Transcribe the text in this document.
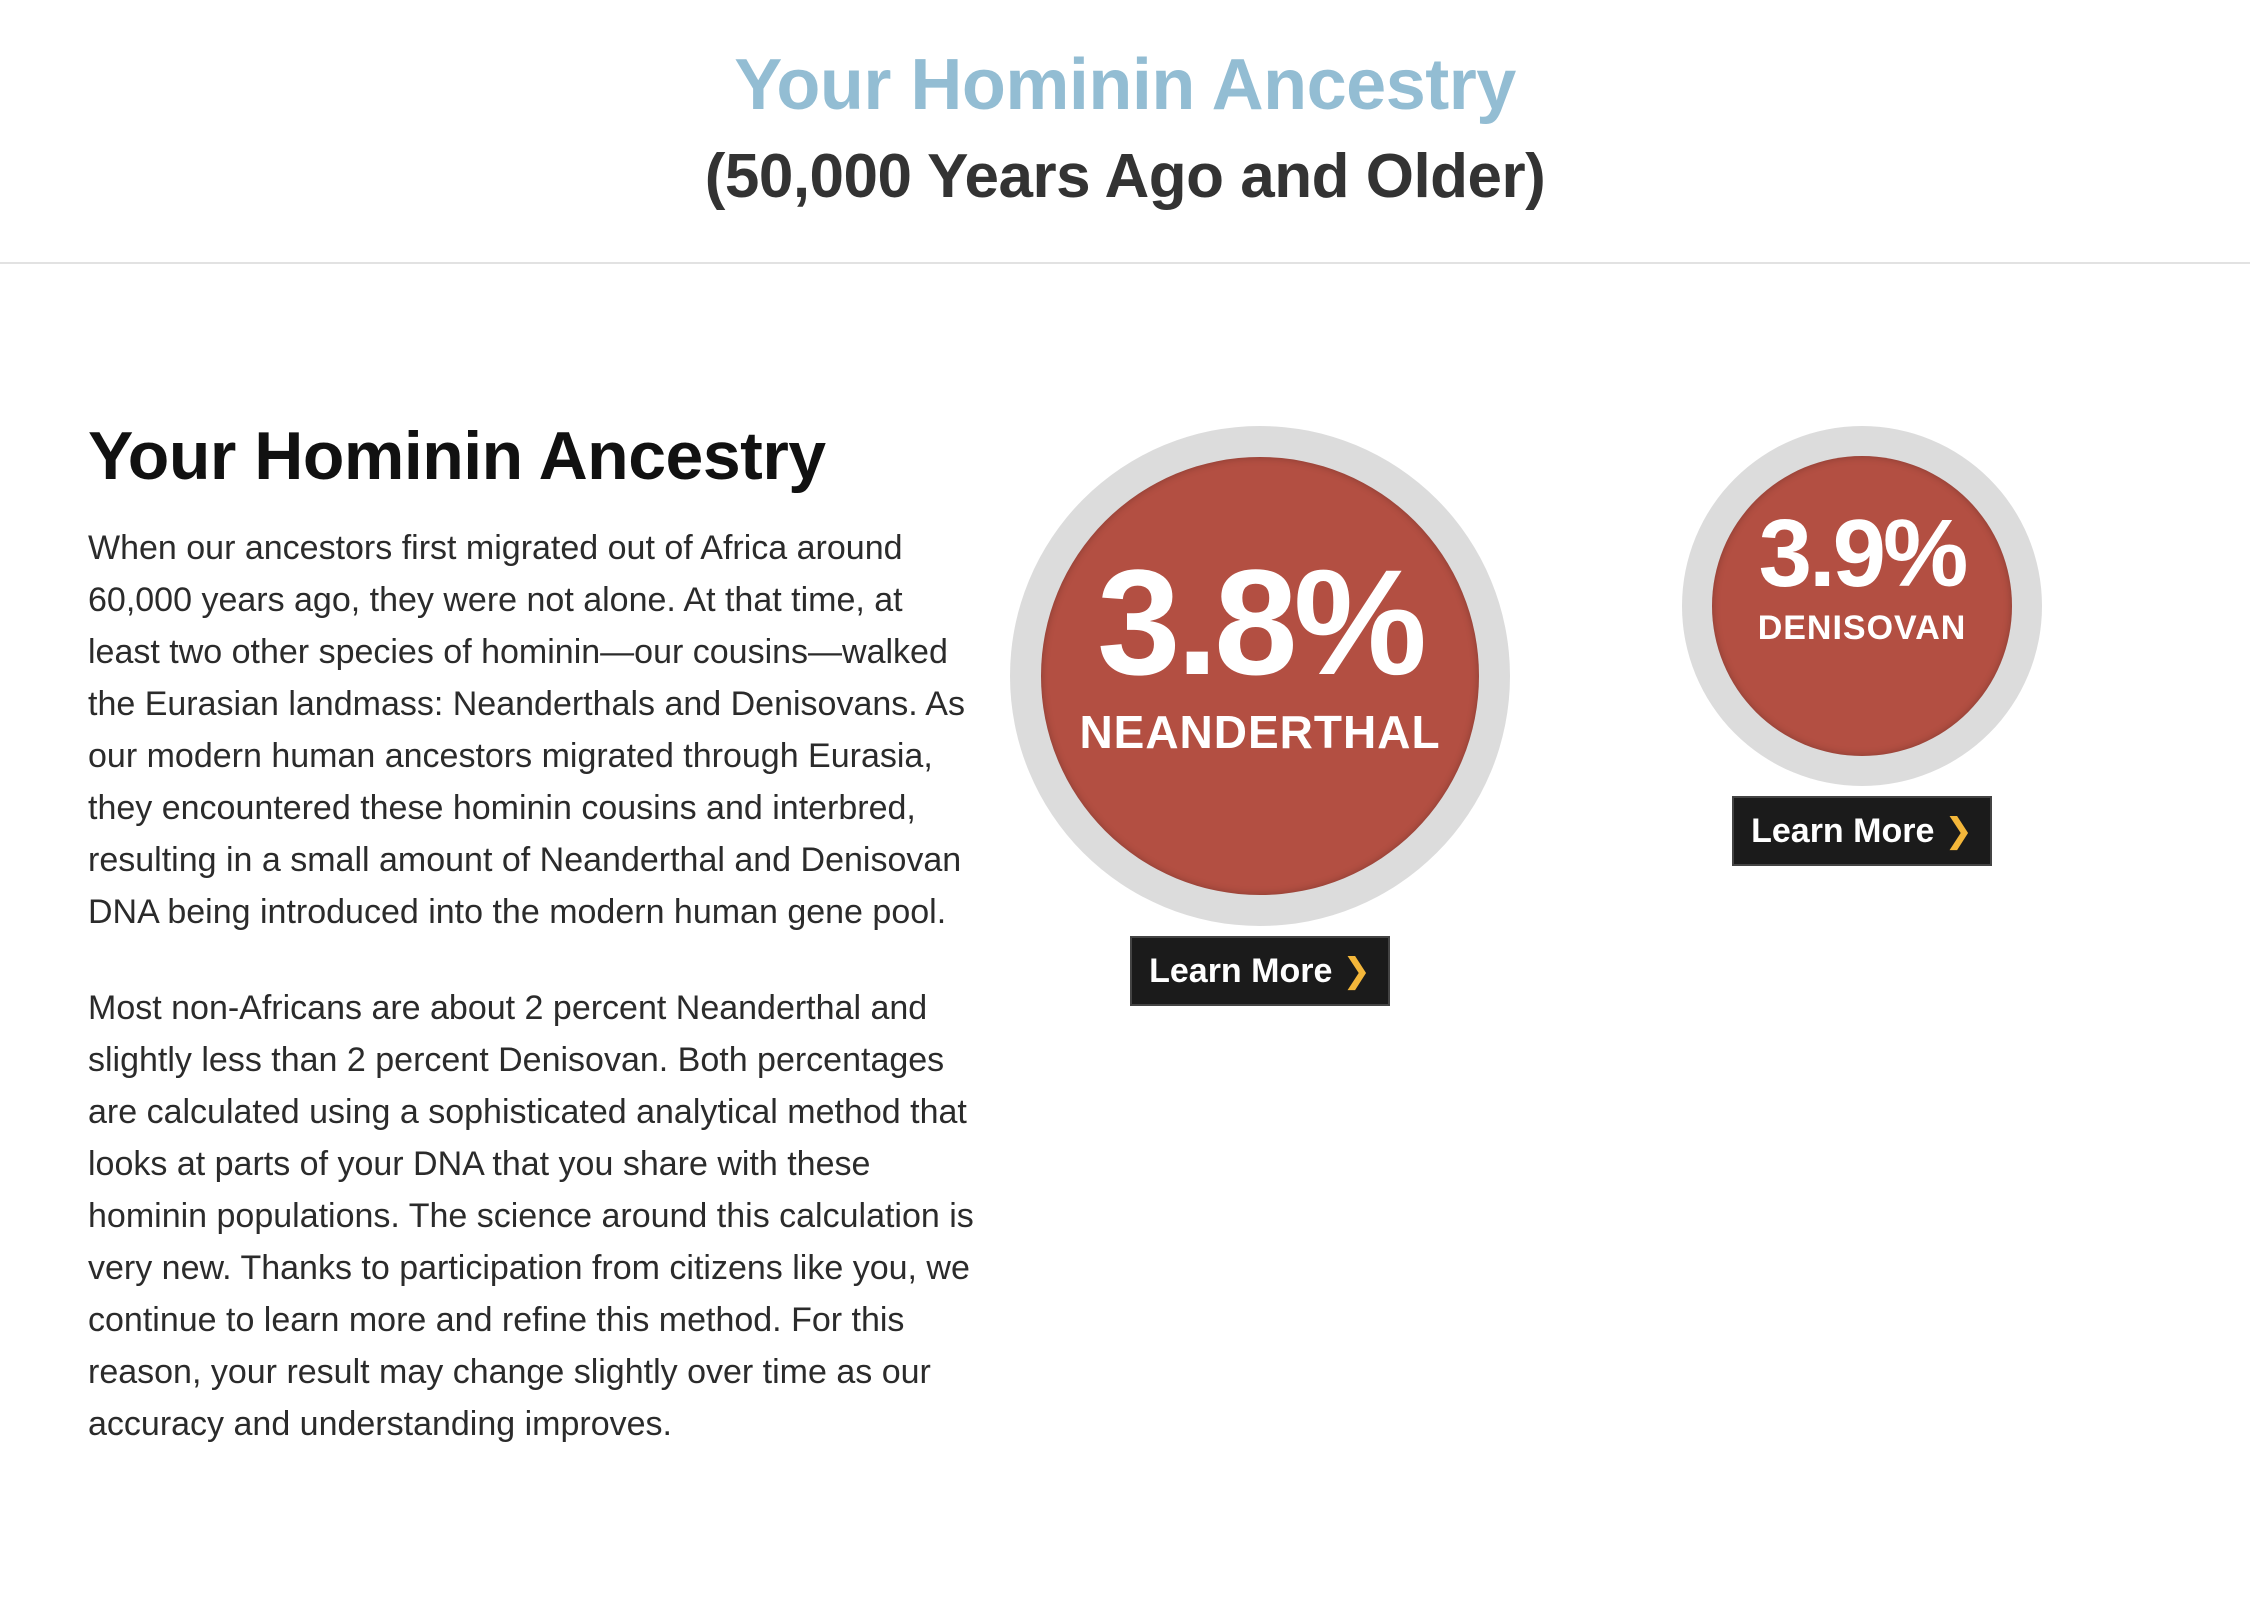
Your Hominin Ancestry
(50,000 Years Ago and Older)
Your Hominin Ancestry

When our ancestors first migrated out of Africa around 60,000 years ago, they were not alone. At that time, at least two other species of hominin—our cousins—walked the Eurasian landmass: Neanderthals and Denisovans. As our modern human ancestors migrated through Eurasia, they encountered these hominin cousins and interbred, resulting in a small amount of Neanderthal and Denisovan DNA being introduced into the modern human gene pool.

Most non-Africans are about 2 percent Neanderthal and slightly less than 2 percent Denisovan. Both percentages are calculated using a sophisticated analytical method that looks at parts of your DNA that you share with these hominin populations. The science around this calculation is very new. Thanks to participation from citizens like you, we continue to learn more and refine this method. For this reason, your result may change slightly over time as our accuracy and understanding improves.

3.8%
NEANDERTHAL
Learn More ❯
3.9%
DENISOVAN
Learn More ❯
